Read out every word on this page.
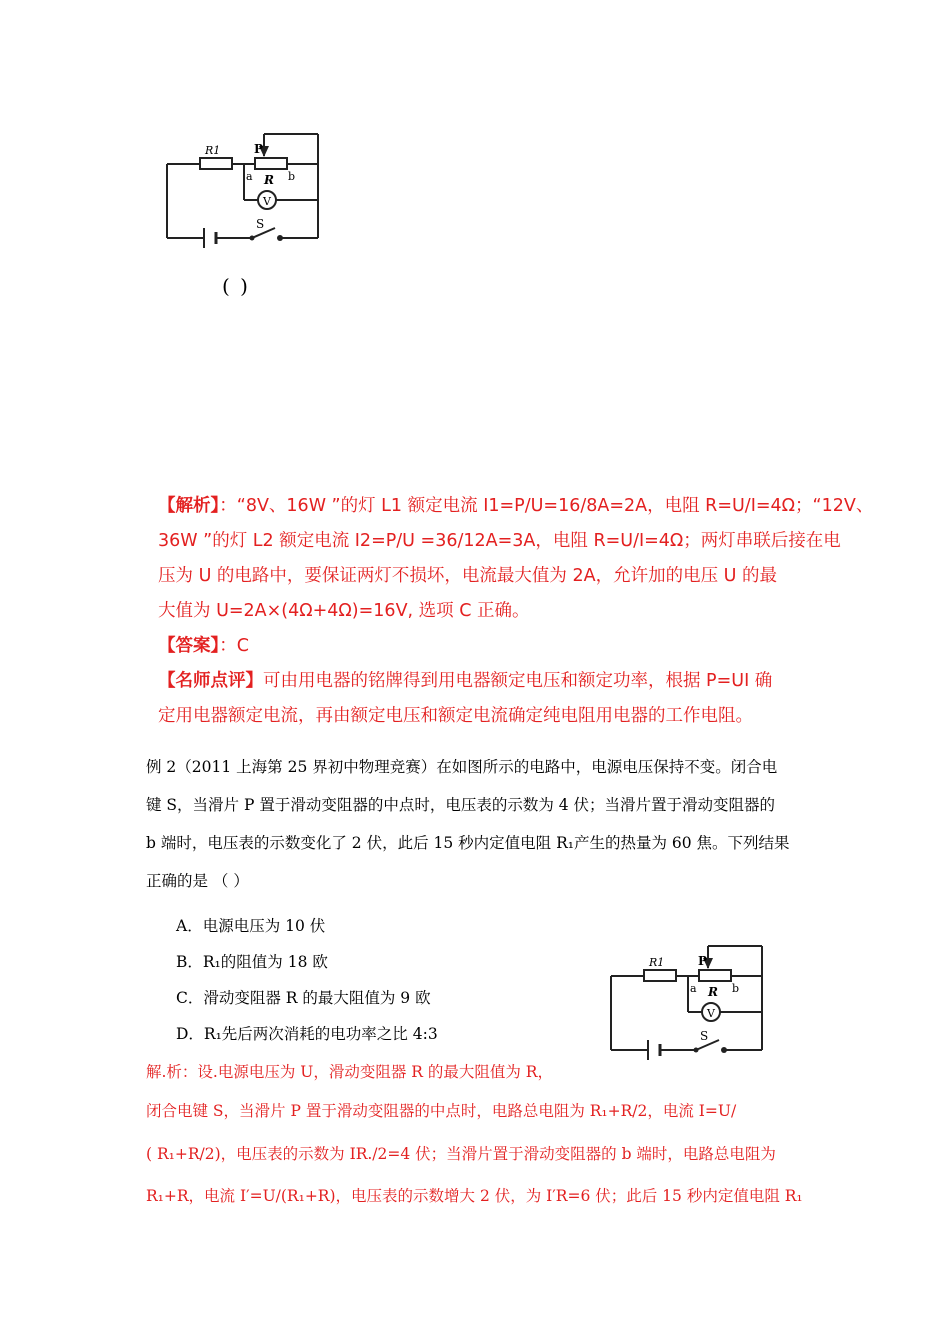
R1	P
a	b
R
V
S
( )
【解析】：“8V、16W ”的灯 L1 额定电流 I1=P/U=16/8A=2A，电阻 R=U/I=4Ω；“12V、
36W ”的灯 L2 额定电流 I2=P/U =36/12A=3A，电阻 R=U/I=4Ω；两灯串联后接在电
压为 U 的电路中，要保证两灯不损坏，电流最大值为 2A，允许加的电压 U 的最
大值为 U=2A×(4Ω+4Ω)=16V, 选项 C 正确。
【答案】：C
【名师点评】可由用电器的铭牌得到用电器额定电压和额定功率，根据 P=UI 确
定用电器额定电流，再由额定电压和额定电流确定纯电阻用电器的工作电阻。
例 2（2011 上海第 25 界初中物理竞赛）在如图所示的电路中，电源电压保持不变。闭合电
键 S，当滑片 P 置于滑动变阻器的中点时，电压表的示数为 4 伏；当滑片置于滑动变阻器的
b 端时，电压表的示数变化了 2 伏，此后 15 秒内定值电阻 R₁产生的热量为 60 焦。下列结果
正确的是 （ ）
A．电源电压为 10 伏
B．R₁的阻值为 18 欧
C．滑动变阻器 R 的最大阻值为 9 欧
D．R₁先后两次消耗的电功率之比 4:3
R1	P
a	b
R
V
S
解.析：设.电源电压为 U，滑动变阻器 R 的最大阻值为 R，
闭合电键 S，当滑片 P 置于滑动变阻器的中点时，电路总电阻为 R₁+R/2，电流 I=U/
( R₁+R/2)，电压表的示数为 IR./2=4 伏；当滑片置于滑动变阻器的 b 端时，电路总电阻为
R₁+R，电流 I′=U/(R₁+R)，电压表的示数增大 2 伏，为 I′R=6 伏；此后 15 秒内定值电阻 R₁
